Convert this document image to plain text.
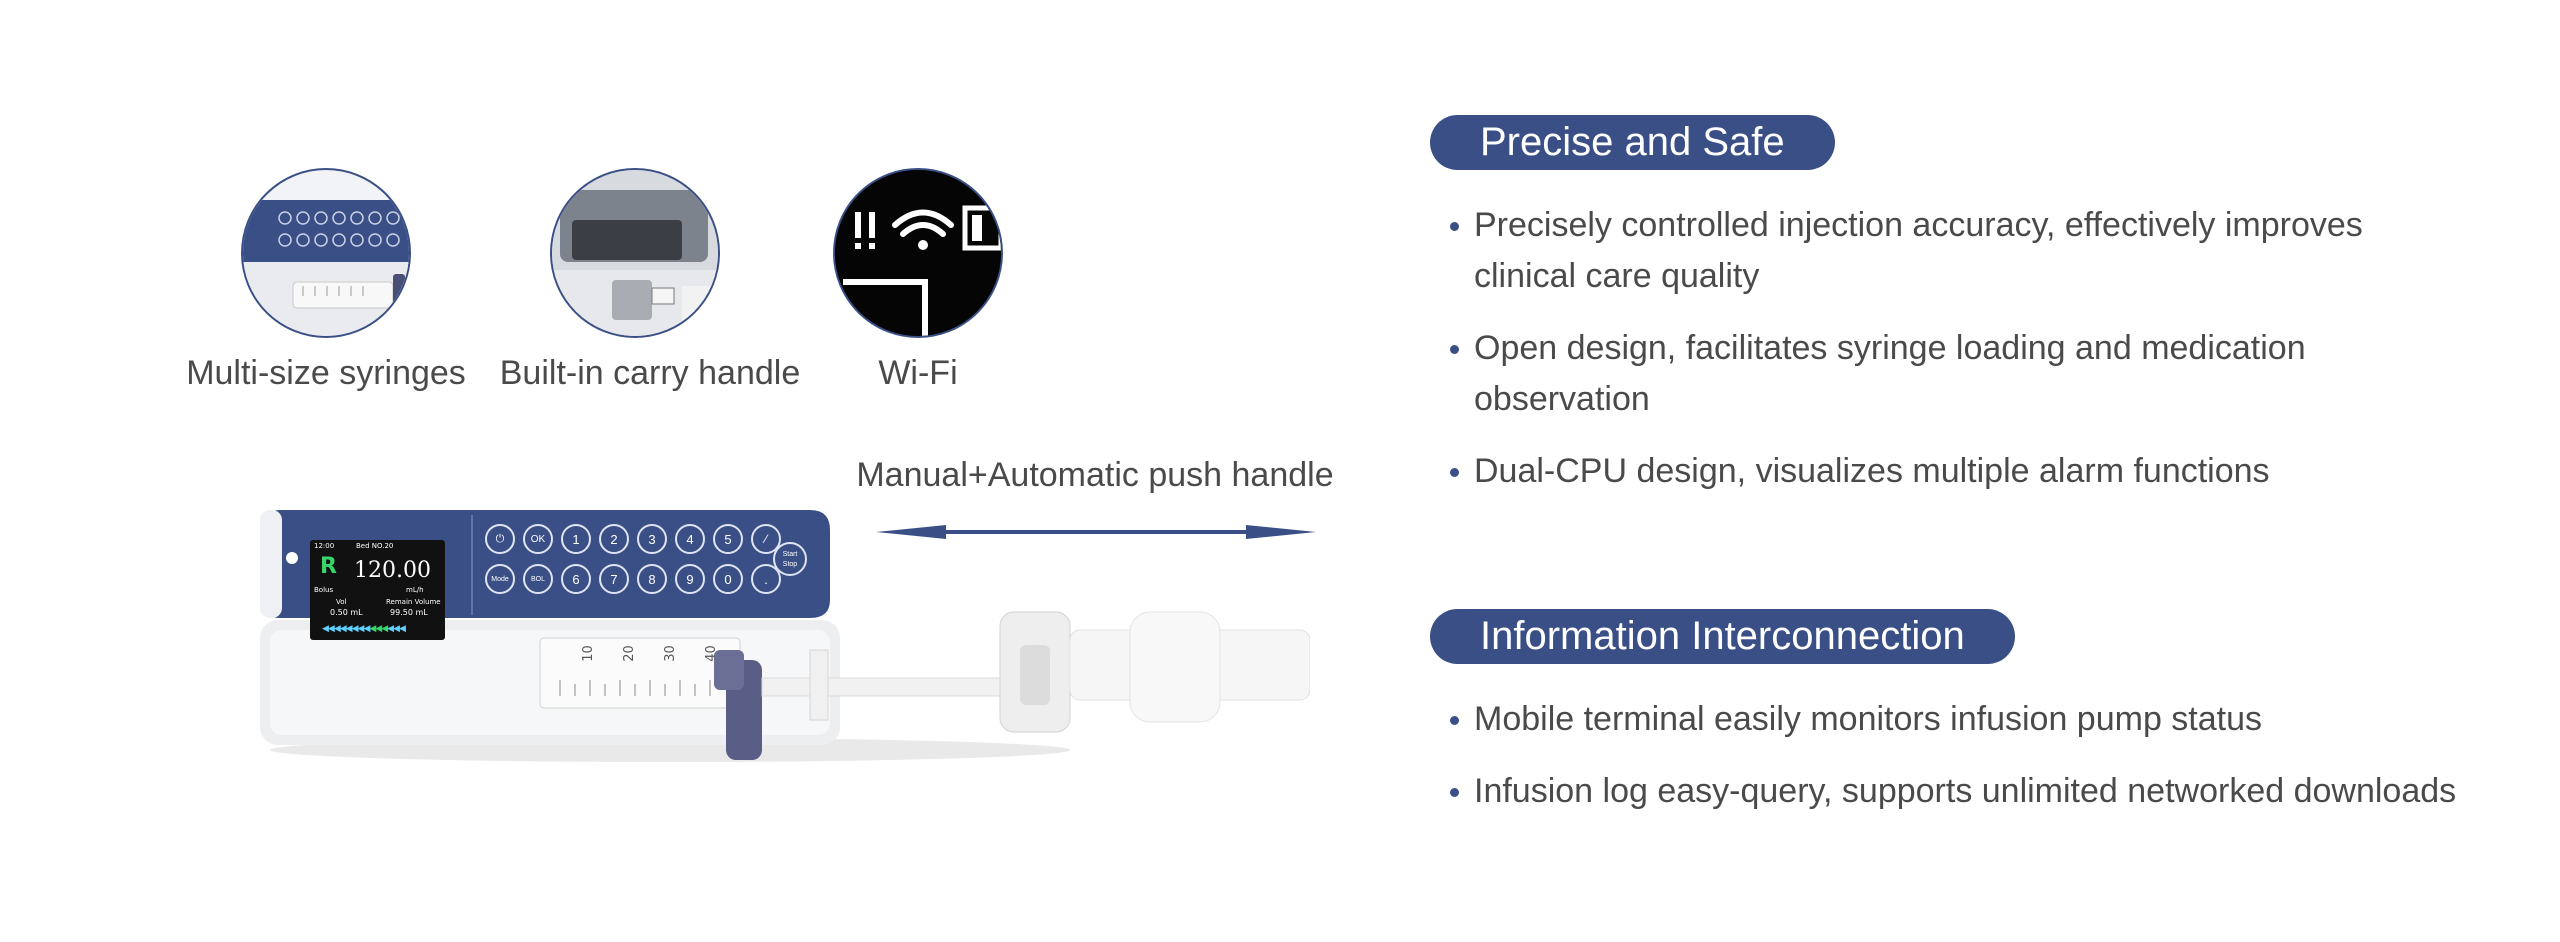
Multi-size syringes Built-in carry handle	Wi-Fi
Manual+Automatic push handle
12:00	Bed NO.20
R 120.00
mL/h
Bolus
Vol	Remain Volume
0.50 mL	99.50 mL
◀◀◀◀◀◀◀◀◀◀◀◀◀◀
⏻	OK	1	2	3	4	5	⁄
Mode	BOL	6	7	8	9	0	.
Start Stop
10 20 30 40
Precise and Safe
Precisely controlled injection accuracy, effectively improves clinical care quality
Open design, facilitates syringe loading and medication observation
Dual-CPU design, visualizes multiple alarm functions
Information Interconnection
Mobile terminal easily monitors infusion pump status
Infusion log easy-query, supports unlimited networked downloads
